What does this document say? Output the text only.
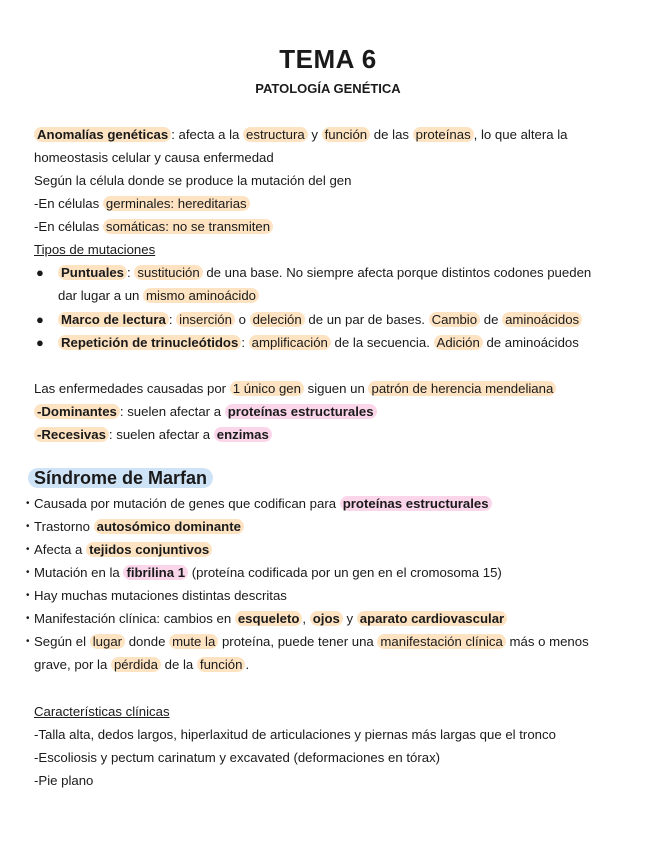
TEMA 6
PATOLOGÍA GENÉTICA
Anomalías genéticas : afecta a la estructura y función de las proteínas , lo que altera la
homeostasis celular y causa enfermedad
Según la célula donde se produce la mutación del gen
-En células germinales: hereditarias
-En células somáticas: no se transmiten
Tipos de mutaciones
● Puntuales : sustitución de una base. No siempre afecta porque distintos codones pueden
dar lugar a un mismo aminoácido
● Marco de lectura : inserción o deleción de un par de bases. Cambio de aminoácidos
● Repetición de trinucleótidos : amplificación de la secuencia. Adición de aminoácidos
Las enfermedades causadas por 1 único gen siguen un patrón de herencia mendeliana
-Dominantes : suelen afectar a proteínas estructurales
-Recesivas : suelen afectar a enzimas
Síndrome de Marfan
• Causada por mutación de genes que codifican para proteínas estructurales
• Trastorno autosómico dominante
• Afecta a tejidos conjuntivos
• Mutación en la fibrilina 1 (proteína codificada por un gen en el cromosoma 15)
• Hay muchas mutaciones distintas descritas
• Manifestación clínica: cambios en esqueleto , ojos y aparato cardiovascular
• Según el lugar donde mute la proteína, puede tener una manifestación clínica más o menos
grave, por la pérdida de la función .
Características clínicas
-Talla alta, dedos largos, hiperlaxitud de articulaciones y piernas más largas que el tronco
-Escoliosis y pectum carinatum y excavated (deformaciones en tórax)
-Pie plano
